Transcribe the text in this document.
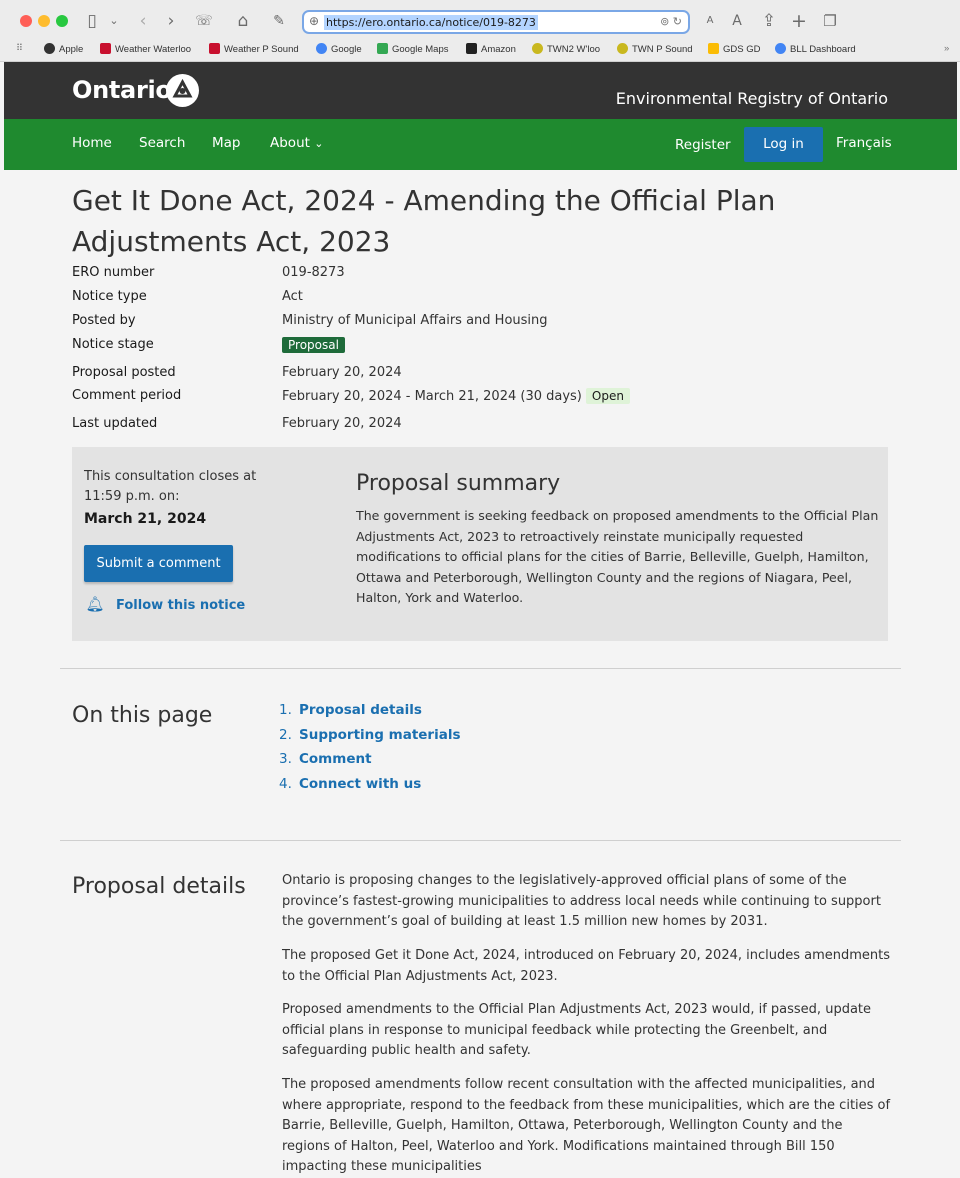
▯	⌄	‹	›	☏	⌂	✎	⊕ https://ero.ontario.ca/notice/019-8273	⊚ ↻	A A ⇪ + ❐
⠿	Apple	Weather Waterloo	Weather P Sound	Google	Google Maps	Amazon	TWN2 W'loo	TWN P Sound	GDS GD	BLL Dashboard	»
Ontario	Environmental Registry of Ontario
Home Search Map About ⌄	Register	Log in	Français
Get It Done Act, 2024 - Amending the Official Plan Adjustments Act, 2023
ERO number	019-8273
Notice type	Act
Posted by	Ministry of Municipal Affairs and Housing
Notice stage	Proposal
Proposal posted	February 20, 2024
Comment period	February 20, 2024 - March 21, 2024 (30 days) Open
Last updated	February 20, 2024
This consultation closes at 11:59 p.m. on:
March 21, 2024
Submit a comment
🔔︎ Follow this notice
Proposal summary
The government is seeking feedback on proposed amendments to the Official Plan Adjustments Act, 2023 to retroactively reinstate municipally requested modifications to official plans for the cities of Barrie, Belleville, Guelph, Hamilton, Ottawa and Peterborough, Wellington County and the regions of Niagara, Peel, Halton, York and Waterloo.
On this page	1. Proposal details
2. Supporting materials
3. Comment
4. Connect with us
Proposal details	Ontario is proposing changes to the legislatively-approved official plans of some of the province’s fastest-growing municipalities to address local needs while continuing to support the government’s goal of building at least 1.5 million new homes by 2031.

The proposed Get it Done Act, 2024, introduced on February 20, 2024, includes amendments to the Official Plan Adjustments Act, 2023.

Proposed amendments to the Official Plan Adjustments Act, 2023 would, if passed, update official plans in response to municipal feedback while protecting the Greenbelt, and safeguarding public health and safety.

The proposed amendments follow recent consultation with the affected municipalities, and where appropriate, respond to the feedback from these municipalities, which are the cities of Barrie, Belleville, Guelph, Hamilton, Ottawa, Peterborough, Wellington County and the regions of Halton, Peel, Waterloo and York. Modifications maintained through Bill 150 impacting these municipalities
